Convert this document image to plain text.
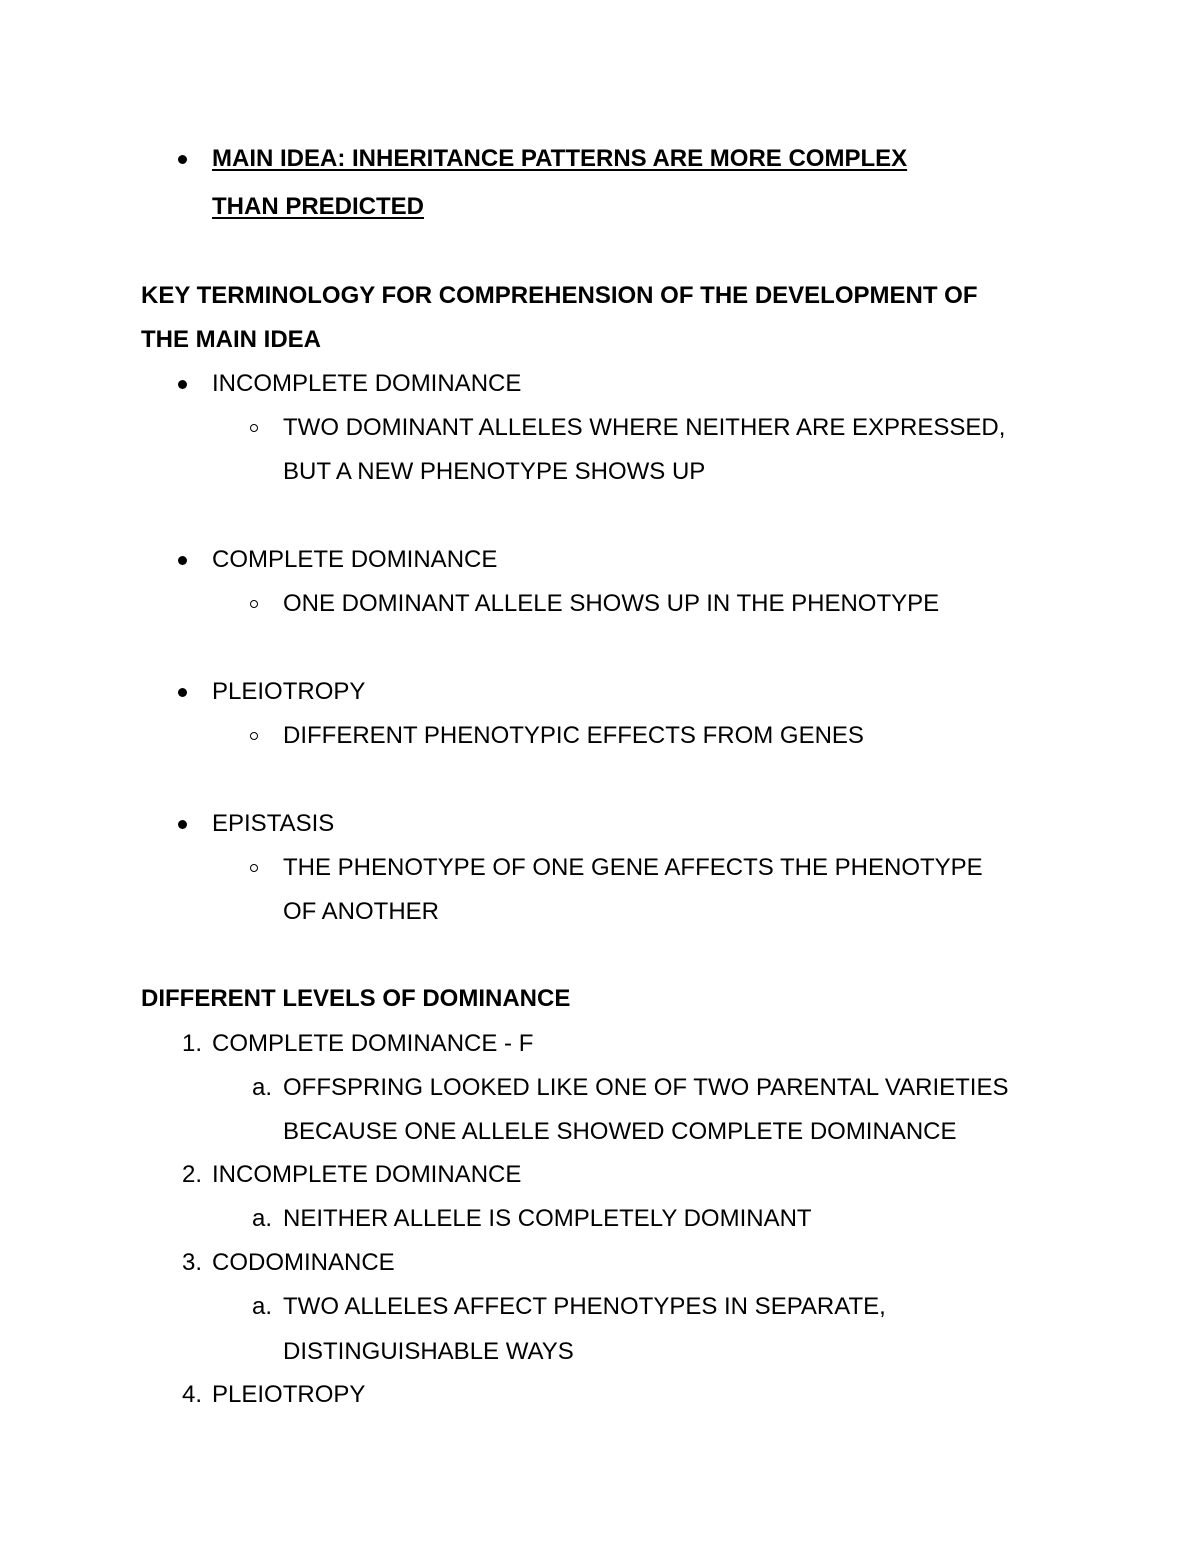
MAIN IDEA: INHERITANCE PATTERNS ARE MORE COMPLEX
THAN PREDICTED
KEY TERMINOLOGY FOR COMPREHENSION OF THE DEVELOPMENT OF
THE MAIN IDEA
INCOMPLETE DOMINANCE
TWO DOMINANT ALLELES WHERE NEITHER ARE EXPRESSED,
BUT A NEW PHENOTYPE SHOWS UP
COMPLETE DOMINANCE
ONE DOMINANT ALLELE SHOWS UP IN THE PHENOTYPE
PLEIOTROPY
DIFFERENT PHENOTYPIC EFFECTS FROM GENES
EPISTASIS
THE PHENOTYPE OF ONE GENE AFFECTS THE PHENOTYPE
OF ANOTHER
DIFFERENT LEVELS OF DOMINANCE
1. COMPLETE DOMINANCE - F
a. OFFSPRING LOOKED LIKE ONE OF TWO PARENTAL VARIETIES
BECAUSE ONE ALLELE SHOWED COMPLETE DOMINANCE
2. INCOMPLETE DOMINANCE
a. NEITHER ALLELE IS COMPLETELY DOMINANT
3. CODOMINANCE
a. TWO ALLELES AFFECT PHENOTYPES IN SEPARATE,
DISTINGUISHABLE WAYS
4. PLEIOTROPY
